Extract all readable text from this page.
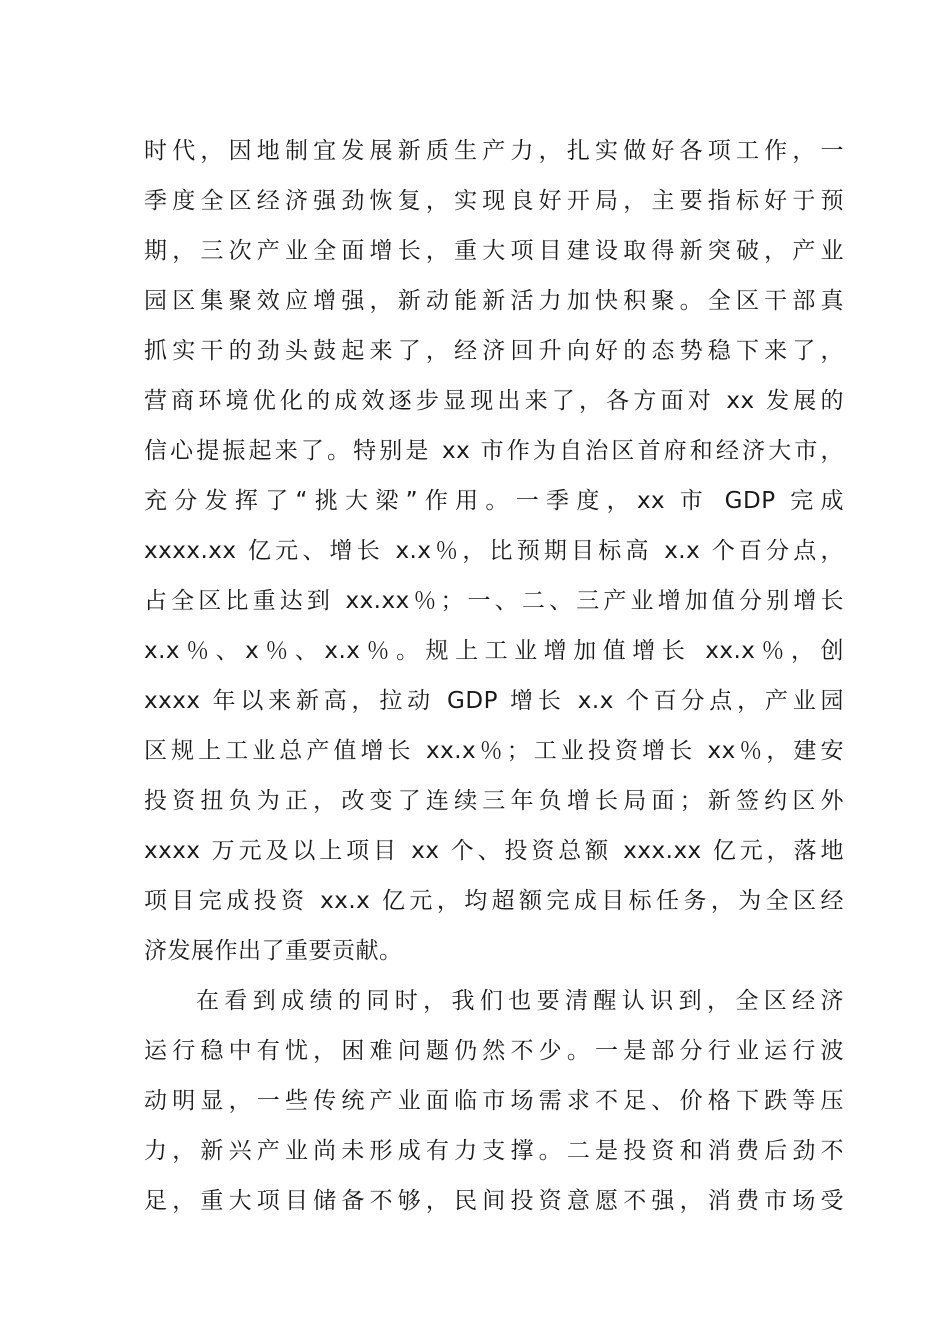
时代，因地制宜发展新质生产力，扎实做好各项工作，一
季度全区经济强劲恢复，实现良好开局，主要指标好于预
期，三次产业全面增长，重大项目建设取得新突破，产业
园区集聚效应增强，新动能新活力加快积聚。全区干部真
抓实干的劲头鼓起来了，经济回升向好的态势稳下来了，
营商环境优化的成效逐步显现出来了，各方面对 xx 发展的
信心提振起来了。特别是 xx 市作为自治区首府和经济大市，
充分发挥了“挑大梁”作用。一季度，xx 市 GDP 完成
xxxx.xx 亿元、增长 x.x％，比预期目标高 x.x 个百分点，
占全区比重达到 xx.xx％；一、二、三产业增加值分别增长
x.x％、x％、x.x％。规上工业增加值增长 xx.x％，创
xxxx 年以来新高，拉动 GDP 增长 x.x 个百分点，产业园
区规上工业总产值增长 xx.x％；工业投资增长 xx％，建安
投资扭负为正，改变了连续三年负增长局面；新签约区外
xxxx 万元及以上项目 xx 个、投资总额 xxx.xx 亿元，落地
项目完成投资 xx.x 亿元，均超额完成目标任务，为全区经
济发展作出了重要贡献。
在看到成绩的同时，我们也要清醒认识到，全区经济
运行稳中有忧，困难问题仍然不少。一是部分行业运行波
动明显，一些传统产业面临市场需求不足、价格下跌等压
力，新兴产业尚未形成有力支撑。二是投资和消费后劲不
足，重大项目储备不够，民间投资意愿不强，消费市场受
